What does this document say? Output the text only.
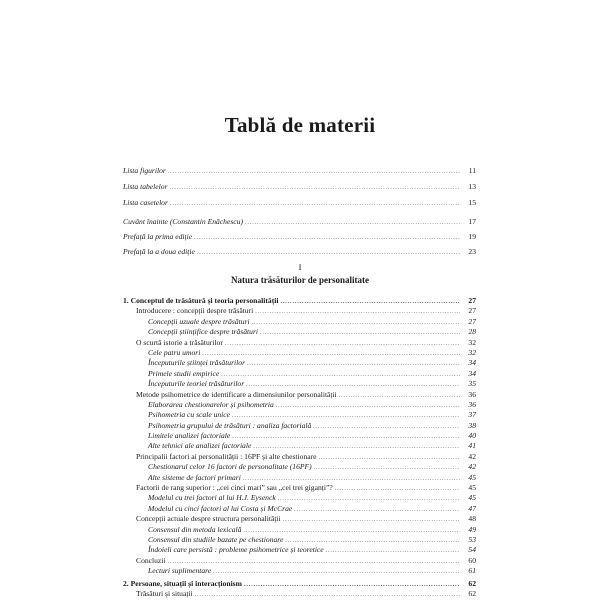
Tablă de materii
Lista figurilor . . .	11
Lista tabelelor . . .	13
Lista casetelor . . .	15
Cuvânt înainte (Constantin Enăchescu) . . .	17
Prefață la prima ediție . . .	19
Prefață la a doua ediție . . .	23

I

Natura trăsăturilor de personalitate

1. Conceptul de trăsătură și teoria personalității . . .	27
Introducere : concepții despre trăsături . . .	27
Concepții uzuale despre trăsături . . .	27
Concepții științifice despre trăsături . . .	28
O scurtă istorie a trăsăturilor . . .	32
Cele patru umori . . .	32
Începuturile științei trăsăturilor . . .	34
Primele studii empirice . . .	34
Începuturile teoriei trăsăturilor . . .	35
Metode psihometrice de identificare a dimensiunilor personalității . . .	36
Elaborarea chestionarelor și psihometria . . .	36
Psihometria cu scale unice . . .	37
Psihometria grupului de trăsături : analiza factorială . . .	38
Limitele analizei factoriale . . .	40
Alte tehnici ale analizei factoriale . . .	41
Principalii factori ai personalității : 16PF și alte chestionare . . .	42
Chestionarul celor 16 factori de personalitate (16PF) . . .	42
Alte sisteme de factori primari . . .	45
Factorii de rang superior : „cei cinci mari” sau „cei trei giganți”? . . .	45
Modelul cu trei factori al lui H.J. Eysenck . . .	45
Modelul cu cinci factori al lui Costa și McCrae . . .	47
Concepții actuale despre structura personalității . . .	48
Consensul din metoda lexicală . . .	49
Consensul din studiile bazate pe chestionare . . .	53
Îndoieli care persistă : probleme psihometrice și teoretice . . .	54
Concluzii . . .	60
Lecturi suplimentare . . .	61
2. Persoane, situații și interacționism . . .	62
Trăsături și situații . . .	62
